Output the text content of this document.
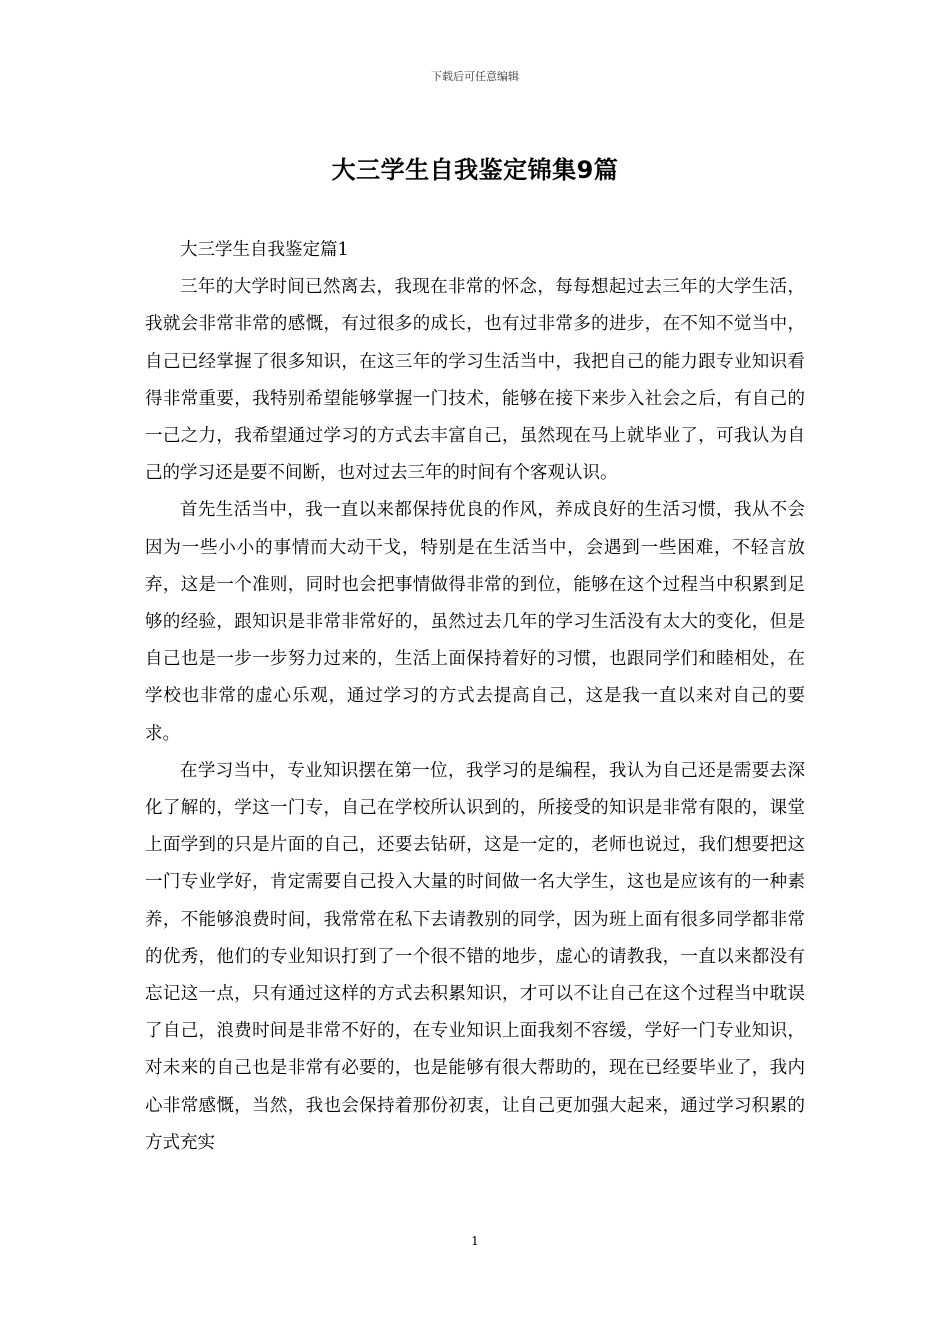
下载后可任意编辑
大三学生自我鉴定锦集9篇

大三学生自我鉴定篇1

三年的大学时间已然离去，我现在非常的怀念，每每想起过去三年的大学生活，我就会非常非常的感慨，有过很多的成长，也有过非常多的进步，在不知不觉当中，自己已经掌握了很多知识，在这三年的学习生活当中，我把自己的能力跟专业知识看得非常重要，我特别希望能够掌握一门技术，能够在接下来步入社会之后，有自己的一己之力，我希望通过学习的方式去丰富自己，虽然现在马上就毕业了，可我认为自己的学习还是要不间断，也对过去三年的时间有个客观认识。

首先生活当中，我一直以来都保持优良的作风，养成良好的生活习惯，我从不会因为一些小小的事情而大动干戈，特别是在生活当中，会遇到一些困难，不轻言放弃，这是一个准则，同时也会把事情做得非常的到位，能够在这个过程当中积累到足够的经验，跟知识是非常非常好的，虽然过去几年的学习生活没有太大的变化，但是自己也是一步一步努力过来的，生活上面保持着好的习惯，也跟同学们和睦相处，在学校也非常的虚心乐观，通过学习的方式去提高自己，这是我一直以来对自己的要求。

在学习当中，专业知识摆在第一位，我学习的是编程，我认为自己还是需要去深化了解的，学这一门专，自己在学校所认识到的，所接受的知识是非常有限的，课堂上面学到的只是片面的自己，还要去钻研，这是一定的，老师也说过，我们想要把这一门专业学好，肯定需要自己投入大量的时间做一名大学生，这也是应该有的一种素养，不能够浪费时间，我常常在私下去请教别的同学，因为班上面有很多同学都非常的优秀，他们的专业知识打到了一个很不错的地步，虚心的请教我，一直以来都没有忘记这一点，只有通过这样的方式去积累知识，才可以不让自己在这个过程当中耽误了自己，浪费时间是非常不好的，在专业知识上面我刻不容缓，学好一门专业知识，对未来的自己也是非常有必要的，也是能够有很大帮助的，现在已经要毕业了，我内心非常感慨，当然，我也会保持着那份初衷，让自己更加强大起来，通过学习积累的方式充实

1
